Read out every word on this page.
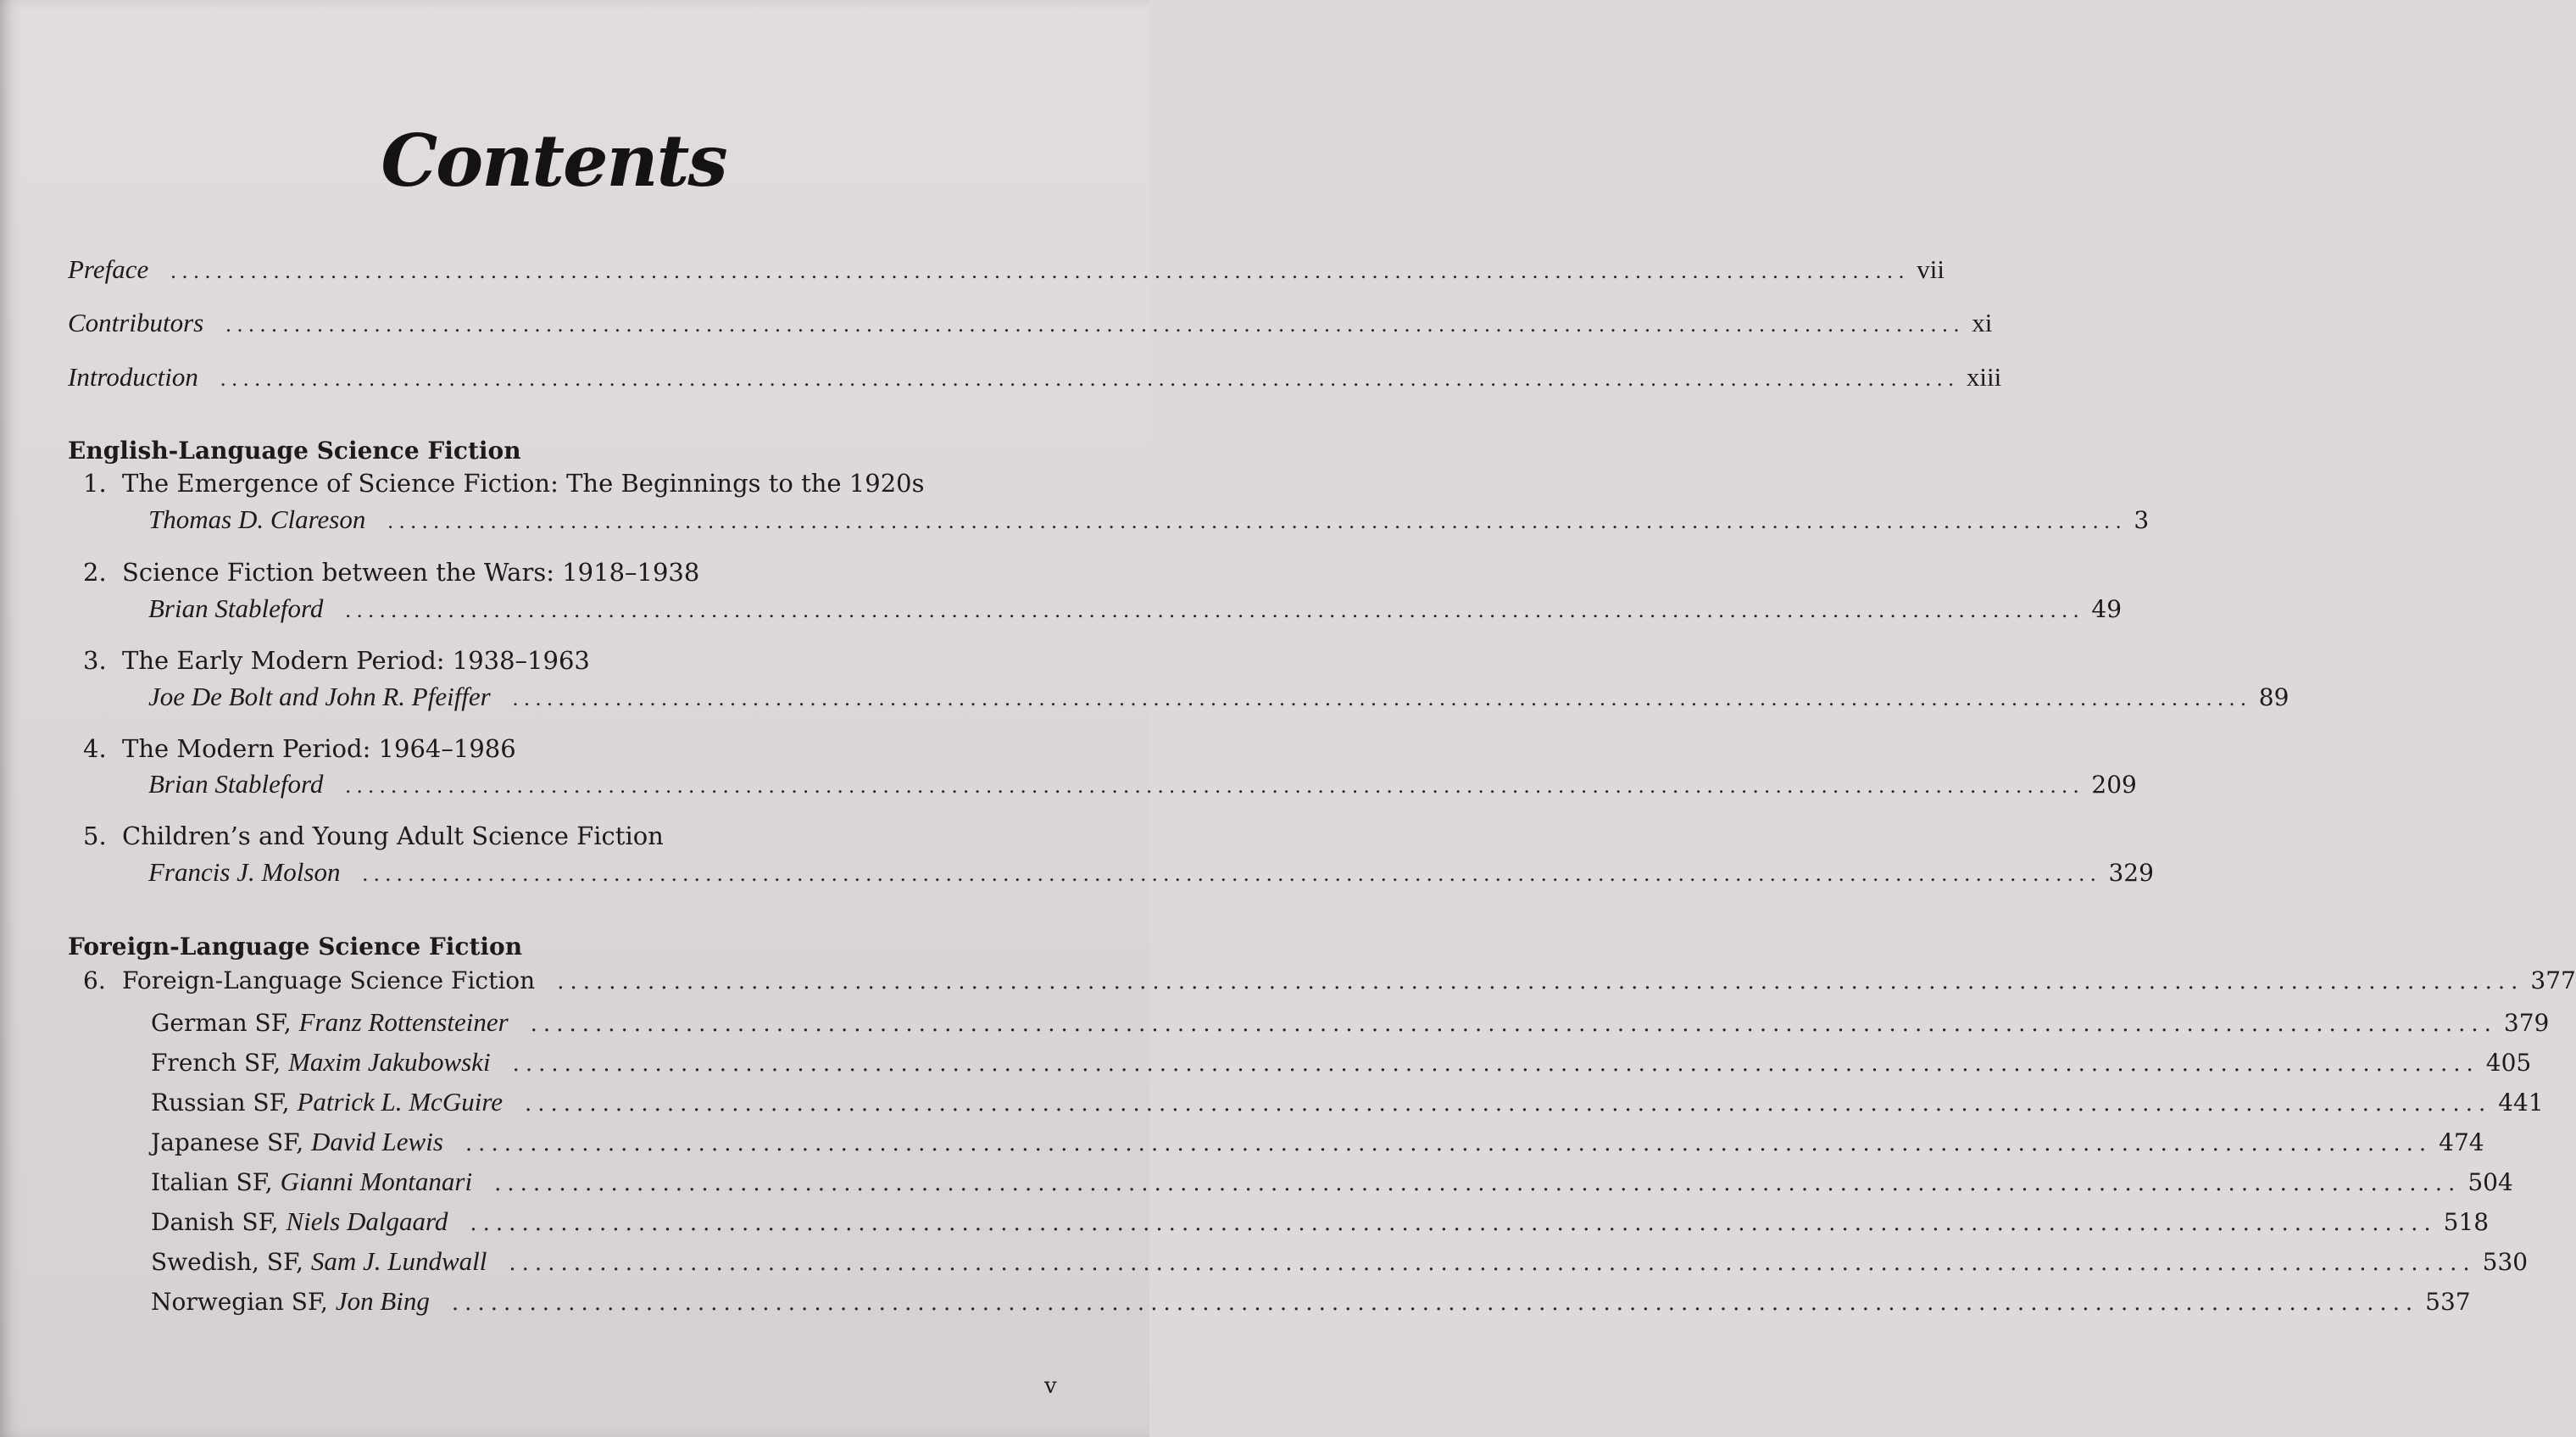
Contents
Preface ........................................................................................................................................................ vii
Contributors ........................................................................................................................................................ xi
Introduction ........................................................................................................................................................ xiii
English-Language Science Fiction
1. The Emergence of Science Fiction: The Beginnings to the 1920s
Thomas D. Clareson ........................................................................................................................................................ 3
2. Science Fiction between the Wars: 1918–1938
Brian Stableford ........................................................................................................................................................ 49
3. The Early Modern Period: 1938–1963
Joe De Bolt and John R. Pfeiffer ........................................................................................................................................................ 89
4. The Modern Period: 1964–1986
Brian Stableford ........................................................................................................................................................ 209
5. Children’s and Young Adult Science Fiction
Francis J. Molson ........................................................................................................................................................ 329
Foreign-Language Science Fiction
6. Foreign-Language Science Fiction ........................................................................................................................................................ 377
German SF, Franz Rottensteiner ........................................................................................................................................................ 379
French SF, Maxim Jakubowski ........................................................................................................................................................ 405
Russian SF, Patrick L. McGuire ........................................................................................................................................................ 441
Japanese SF, David Lewis ........................................................................................................................................................ 474
Italian SF, Gianni Montanari ........................................................................................................................................................ 504
Danish SF, Niels Dalgaard ........................................................................................................................................................ 518
Swedish, SF, Sam J. Lundwall ........................................................................................................................................................ 530
Norwegian SF, Jon Bing ........................................................................................................................................................ 537
v
